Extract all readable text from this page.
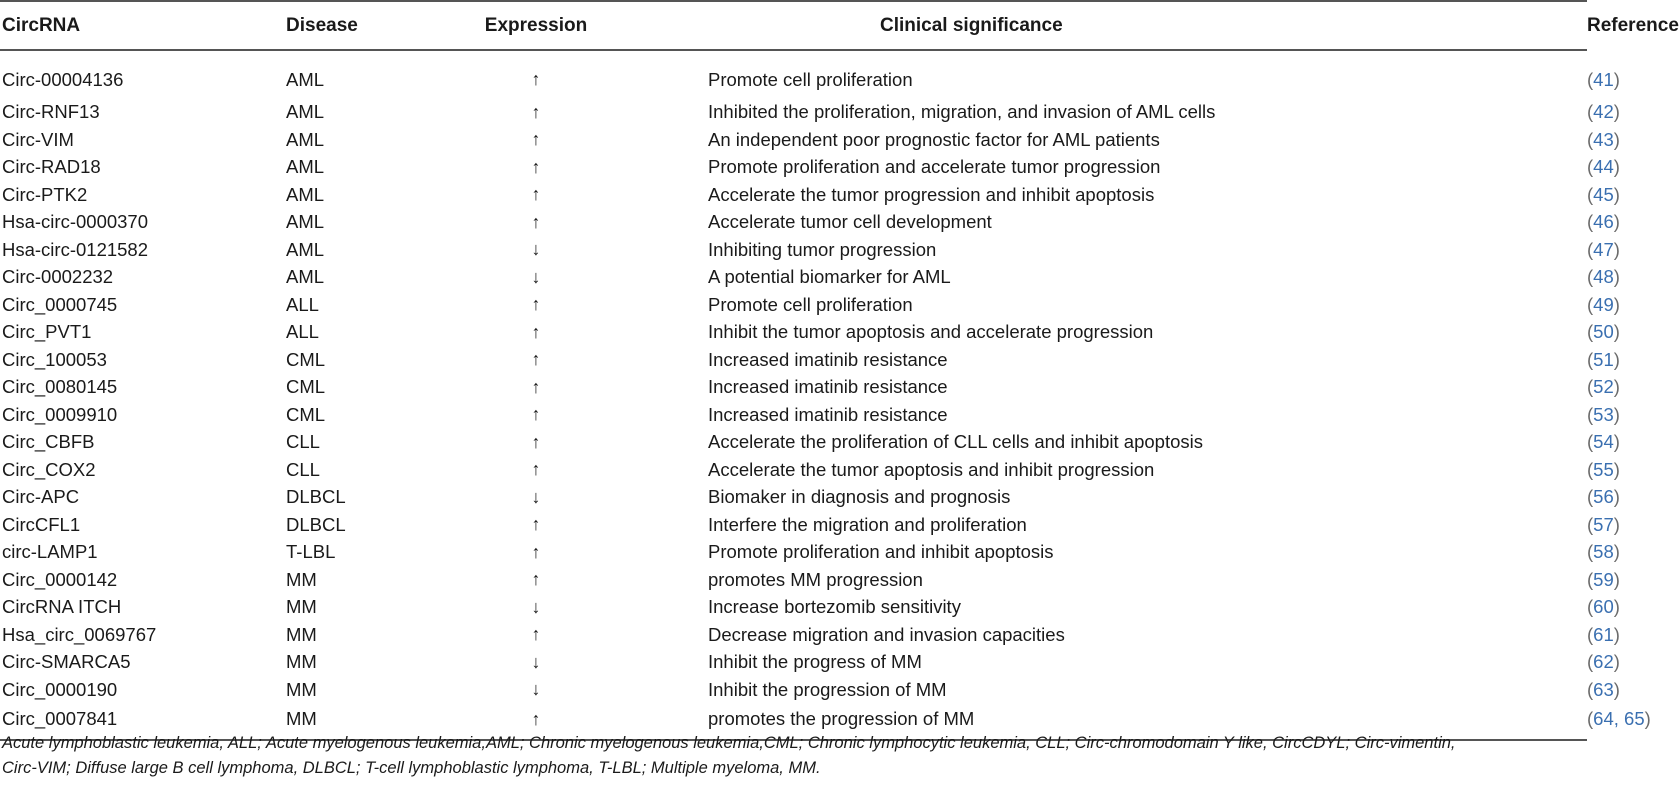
CircRNA	Disease	Expression	Clinical significance	Reference
Circ-00004136	AML	↑	Promote cell proliferation	(41)
Circ-RNF13	AML	↑	Inhibited the proliferation, migration, and invasion of AML cells	(42)
Circ-VIM	AML	↑	An independent poor prognostic factor for AML patients	(43)
Circ-RAD18	AML	↑	Promote proliferation and accelerate tumor progression	(44)
Circ-PTK2	AML	↑	Accelerate the tumor progression and inhibit apoptosis	(45)
Hsa-circ-0000370	AML	↑	Accelerate tumor cell development	(46)
Hsa-circ-0121582	AML	↓	Inhibiting tumor progression	(47)
Circ-0002232	AML	↓	A potential biomarker for AML	(48)
Circ_0000745	ALL	↑	Promote cell proliferation	(49)
Circ_PVT1	ALL	↑	Inhibit the tumor apoptosis and accelerate progression	(50)
Circ_100053	CML	↑	Increased imatinib resistance	(51)
Circ_0080145	CML	↑	Increased imatinib resistance	(52)
Circ_0009910	CML	↑	Increased imatinib resistance	(53)
Circ_CBFB	CLL	↑	Accelerate the proliferation of CLL cells and inhibit apoptosis	(54)
Circ_COX2	CLL	↑	Accelerate the tumor apoptosis and inhibit progression	(55)
Circ-APC	DLBCL	↓	Biomaker in diagnosis and prognosis	(56)
CircCFL1	DLBCL	↑	Interfere the migration and proliferation	(57)
circ-LAMP1	T-LBL	↑	Promote proliferation and inhibit apoptosis	(58)
Circ_0000142	MM	↑	promotes MM progression	(59)
CircRNA ITCH	MM	↓	Increase bortezomib sensitivity	(60)
Hsa_circ_0069767	MM	↑	Decrease migration and invasion capacities	(61)
Circ-SMARCA5	MM	↓	Inhibit the progress of MM	(62)
Circ_0000190	MM	↓	Inhibit the progression of MM	(63)
Circ_0007841	MM	↑	promotes the progression of MM	(64, 65)
Acute lymphoblastic leukemia, ALL; Acute myelogenous leukemia,AML; Chronic myelogenous leukemia,CML; Chronic lymphocytic leukemia, CLL; Circ-chromodomain Y like, CircCDYL; Circ-vimentin, Circ-VIM; Diffuse large B cell lymphoma, DLBCL; T-cell lymphoblastic lymphoma, T-LBL; Multiple myeloma, MM.
